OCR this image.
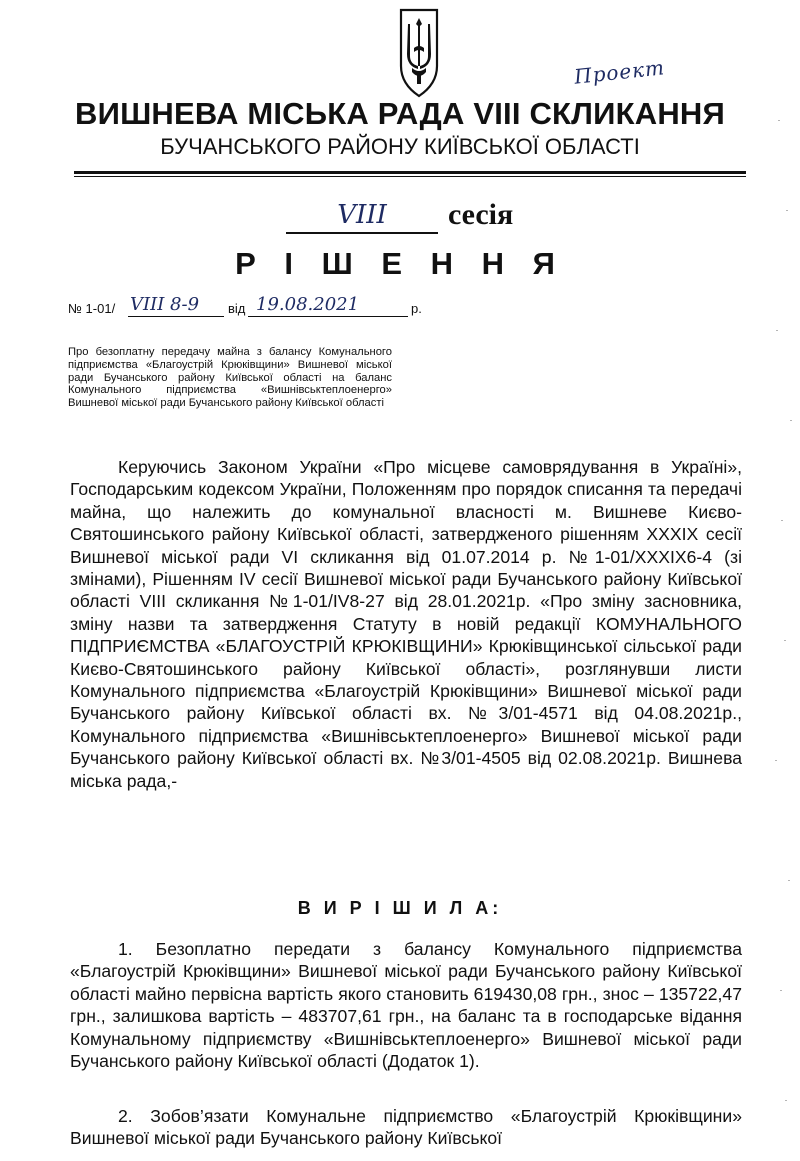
Проект
ВИШНЕВА МІСЬКА РАДА VIII СКЛИКАННЯ
БУЧАНСЬКОГО РАЙОНУ КИЇВСЬКОЇ ОБЛАСТІ
VIII	сесія
Р І Ш Е Н Н Я
№ 1-01/ VIII 8-9 від 19.08.2021	р.
Про безоплатну передачу майна з балансу Комунального підприємства «Благоустрій Крюківщини» Вишневої міської ради Бучанського району Київської області на баланс Комунального підприємства «Вишнівськтеплоенерго» Вишневої міської ради Бучанського району Київської області
Керуючись Законом України «Про місцеве самоврядування в Україні», Господарським кодексом України, Положенням про порядок списання та передачі майна, що належить до комунальної власності м. Вишневе Києво-Святошинського району Київської області, затвердженого рішенням XXXIX сесії Вишневої міської ради VI скликання від 01.07.2014 р. №1-01/XXXIX6-4 (зі змінами), Рішенням IV сесії Вишневої міської ради Бучанського району Київської області VIII скликання №1-01/IV8-27 від 28.01.2021р. «Про зміну засновника, зміну назви та затвердження Статуту в новій редакції КОМУНАЛЬНОГО ПІДПРИЄМСТВА «БЛАГОУСТРІЙ КРЮКІВЩИНИ» Крюківщинської сільської ради Києво-Святошинського району Київської області», розглянувши листи Комунального підприємства «Благоустрій Крюківщини» Вишневої міської ради Бучанського району Київської області вх. №3/01-4571 від 04.08.2021р., Комунального підприємства «Вишнівськтеплоенерго» Вишневої міської ради Бучанського району Київської області вх. №3/01-4505 від 02.08.2021р. Вишнева міська рада,-
В И Р І Ш И Л А:
1. Безоплатно передати з балансу Комунального підприємства «Благоустрій Крюківщини» Вишневої міської ради Бучанського району Київської області майно первісна вартість якого становить 619430,08 грн., знос – 135722,47 грн., залишкова вартість – 483707,61 грн., на баланс та в господарське відання Комунальному підприємству «Вишнівськтеплоенерго» Вишневої міської ради Бучанського району Київської області (Додаток 1).
2. Зобов’язати Комунальне підприємство «Благоустрій Крюківщини» Вишневої міської ради Бучанського району Київської
